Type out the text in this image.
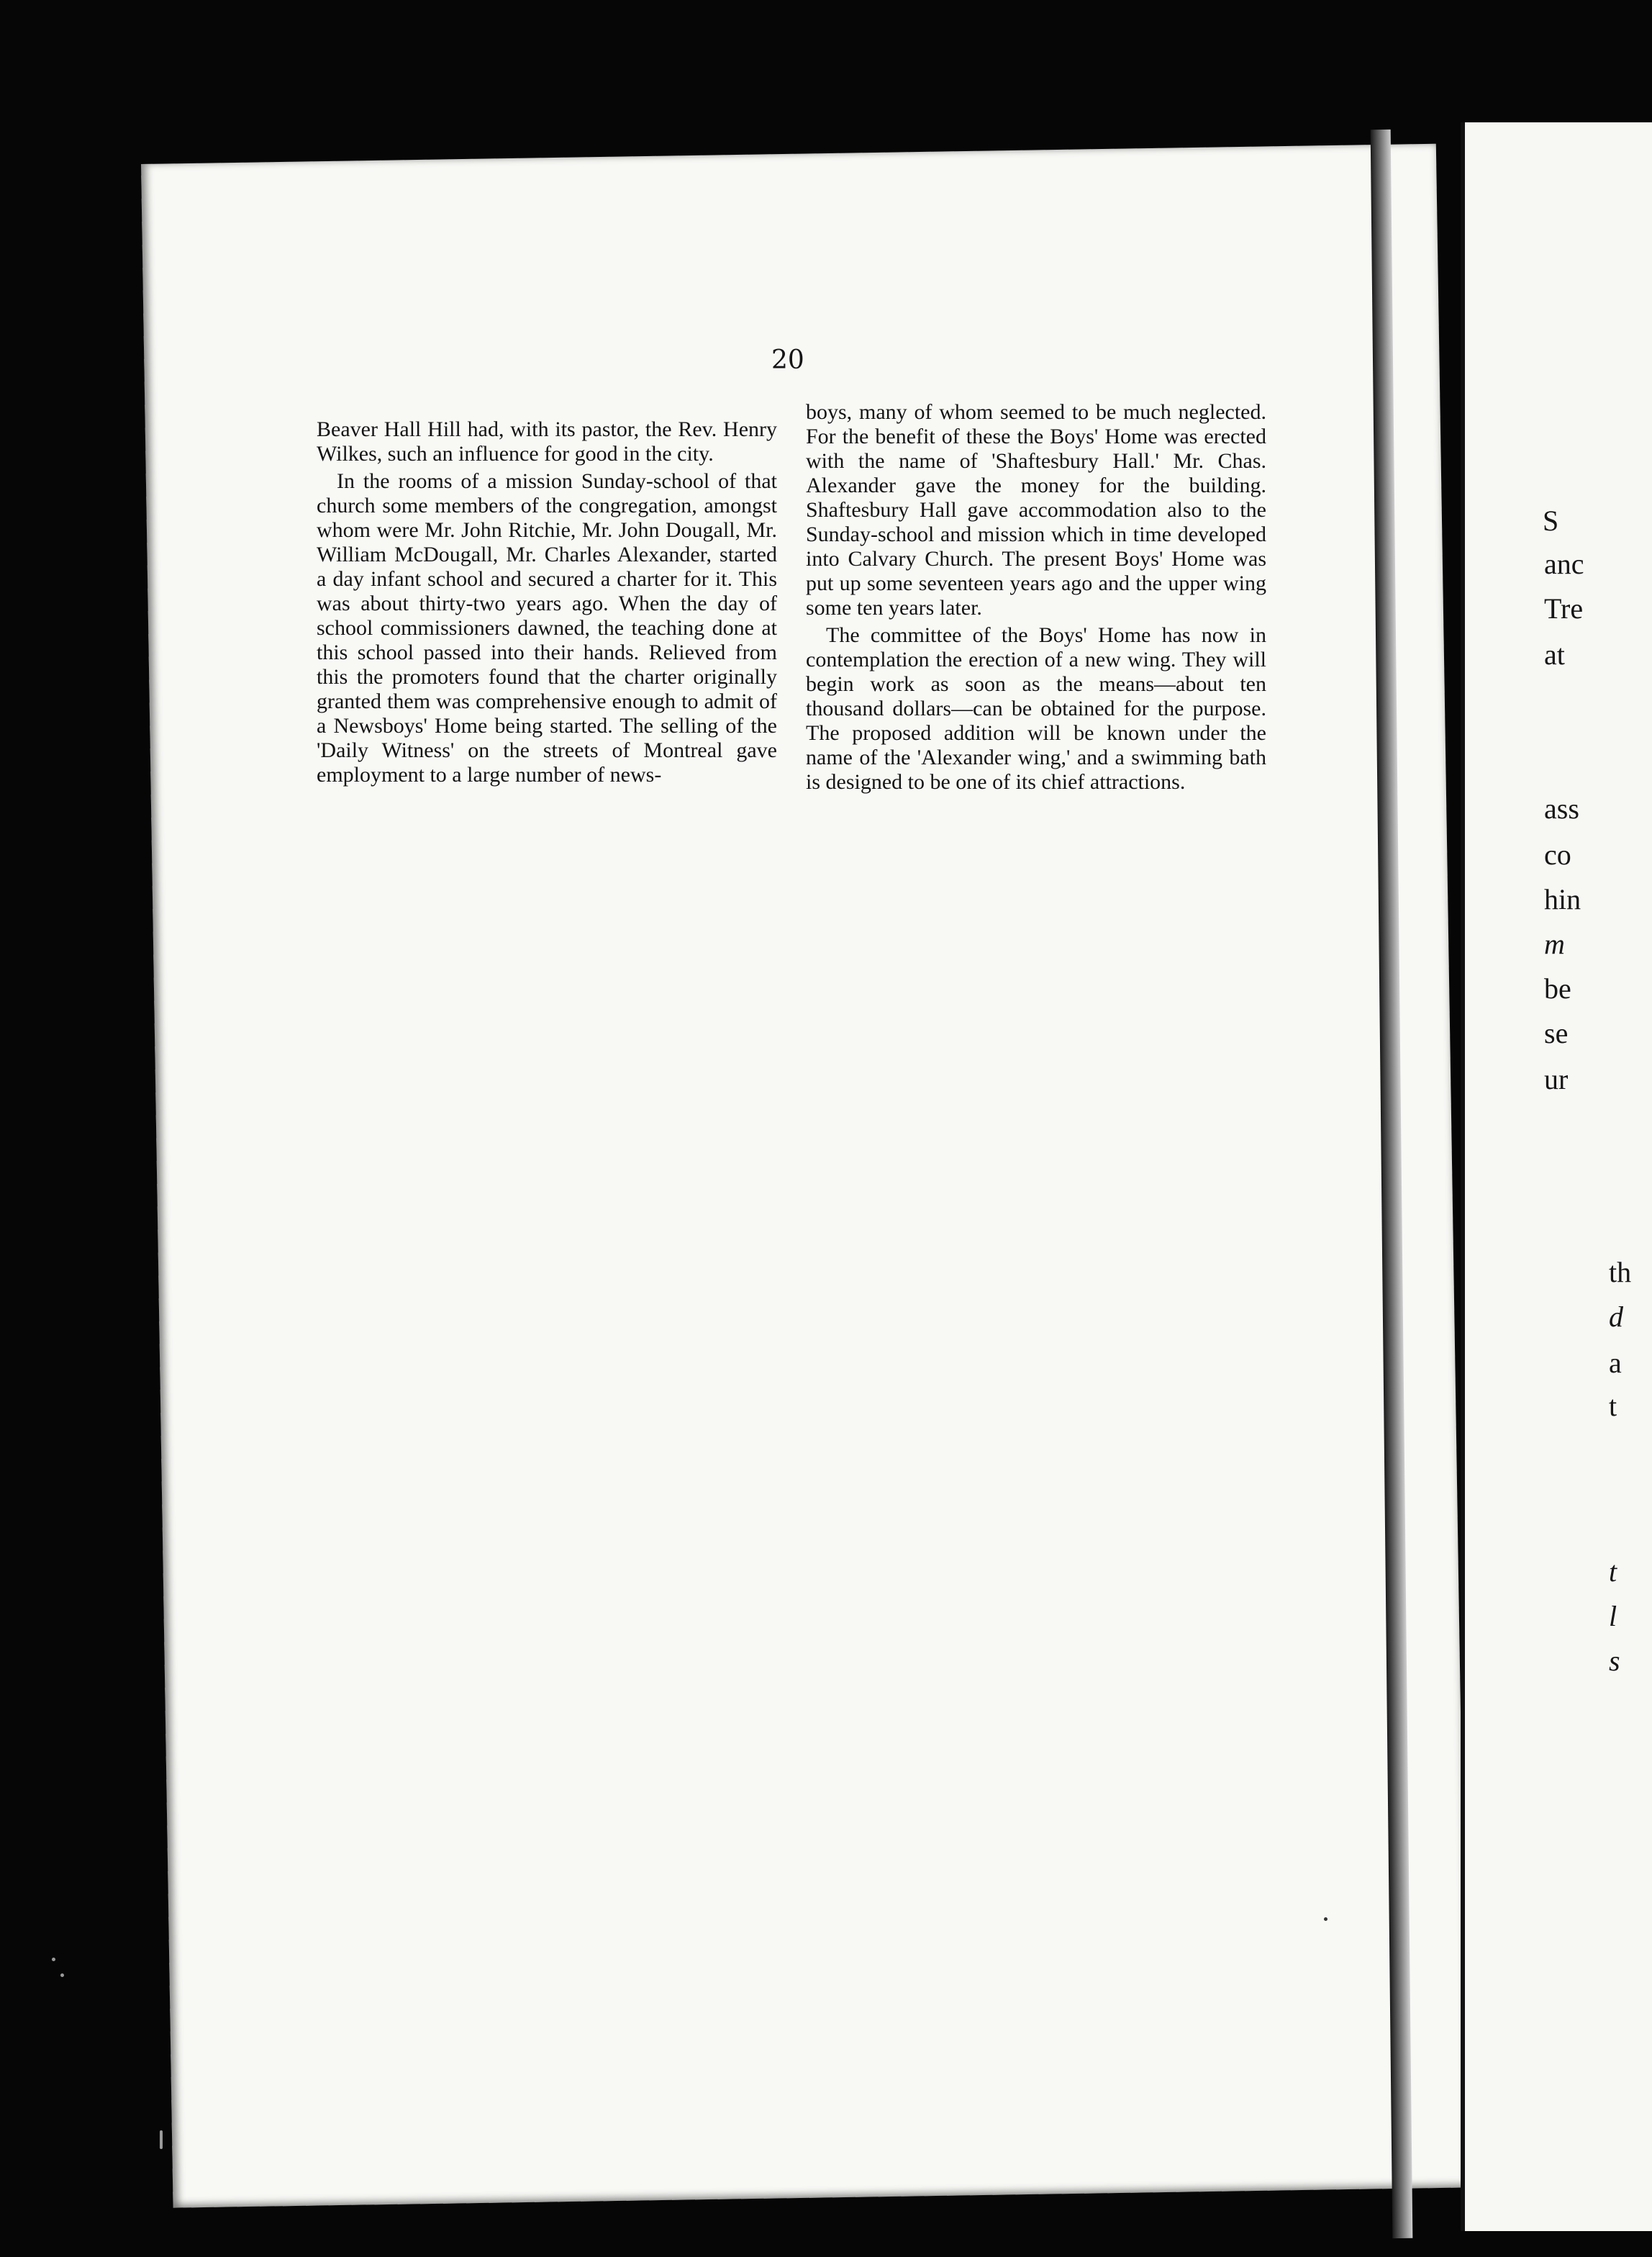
S
anc
Tre
at
ass
co
hin
m
be
se
ur
th
d
a
t
t
l
s
20

Beaver Hall Hill had, with its pastor, the Rev. Henry Wilkes, such an influence for good in the city.

In the rooms of a mission Sunday-school of that church some members of the congregation, amongst whom were Mr. John Ritchie, Mr. John Dougall, Mr. William McDougall, Mr. Charles Alexander, started a day infant school and secured a charter for it. This was about thirty-two years ago. When the day of school commissioners dawned, the teaching done at this school passed into their hands. Relieved from this the promoters found that the charter originally granted them was comprehensive enough to admit of a Newsboys' Home being started. The selling of the 'Daily Witness' on the streets of Montreal gave employment to a large number of news-

boys, many of whom seemed to be much neglected. For the benefit of these the Boys' Home was erected with the name of 'Shaftesbury Hall.' Mr. Chas. Alexander gave the money for the building. Shaftesbury Hall gave accommodation also to the Sunday-school and mission which in time developed into Calvary Church. The present Boys' Home was put up some seventeen years ago and the upper wing some ten years later.

The committee of the Boys' Home has now in contemplation the erection of a new wing. They will begin work as soon as the means—about ten thousand dollars—can be obtained for the purpose. The proposed addition will be known under the name of the 'Alexander wing,' and a swimming bath is designed to be one of its chief attractions.
